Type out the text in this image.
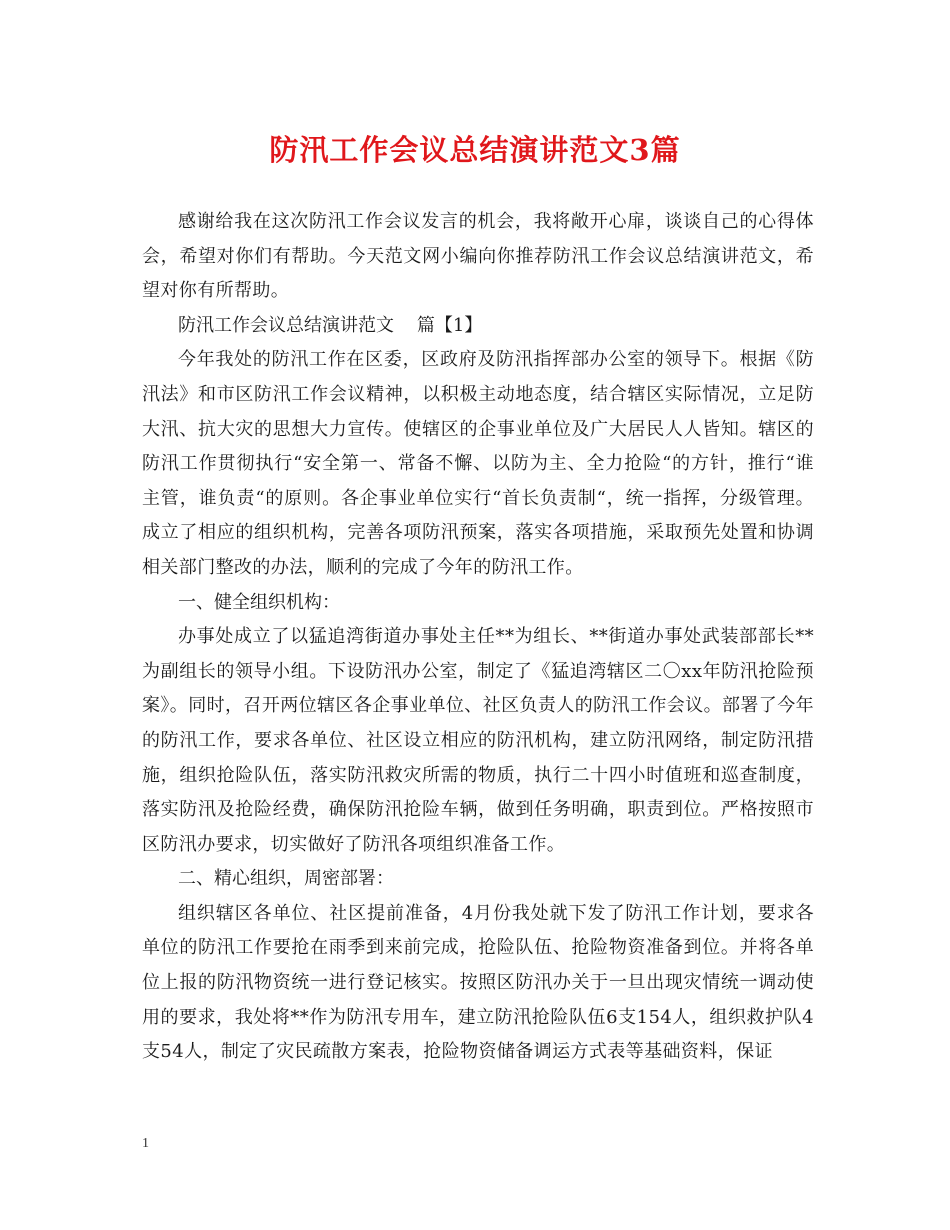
防汛工作会议总结演讲范文3篇

感谢给我在这次防汛工作会议发言的机会，我将敞开心扉，谈谈自己的心得体会，希望对你们有帮助。今天范文网小编向你推荐防汛工作会议总结演讲范文，希望对你有所帮助。

防汛工作会议总结演讲范文    篇【1】

今年我处的防汛工作在区委，区政府及防汛指挥部办公室的领导下。根据《防汛法》和市区防汛工作会议精神，以积极主动地态度，结合辖区实际情况，立足防大汛、抗大灾的思想大力宣传。使辖区的企事业单位及广大居民人人皆知。辖区的防汛工作贯彻执行“安全第一、常备不懈、以防为主、全力抢险“的方针，推行“谁主管，谁负责“的原则。各企事业单位实行“首长负责制“，统一指挥，分级管理。成立了相应的组织机构，完善各项防汛预案，落实各项措施，采取预先处置和协调相关部门整改的办法，顺利的完成了今年的防汛工作。

一、健全组织机构：

办事处成立了以猛追湾街道办事处主任**为组长、**街道办事处武装部部长**为副组长的领导小组。下设防汛办公室，制定了《猛追湾辖区二〇xx年防汛抢险预案》。同时，召开两位辖区各企事业单位、社区负责人的防汛工作会议。部署了今年的防汛工作，要求各单位、社区设立相应的防汛机构，建立防汛网络，制定防汛措施，组织抢险队伍，落实防汛救灾所需的物质，执行二十四小时值班和巡查制度，落实防汛及抢险经费，确保防汛抢险车辆，做到任务明确，职责到位。严格按照市区防汛办要求，切实做好了防汛各项组织准备工作。

二、精心组织，周密部署：

组织辖区各单位、社区提前准备，4月份我处就下发了防汛工作计划，要求各单位的防汛工作要抢在雨季到来前完成，抢险队伍、抢险物资准备到位。并将各单位上报的防汛物资统一进行登记核实。按照区防汛办关于一旦出现灾情统一调动使用的要求，我处将**作为防汛专用车，建立防汛抢险队伍6支154人，组织救护队4支54人，制定了灾民疏散方案表，抢险物资储备调运方式表等基础资料，保证

1
